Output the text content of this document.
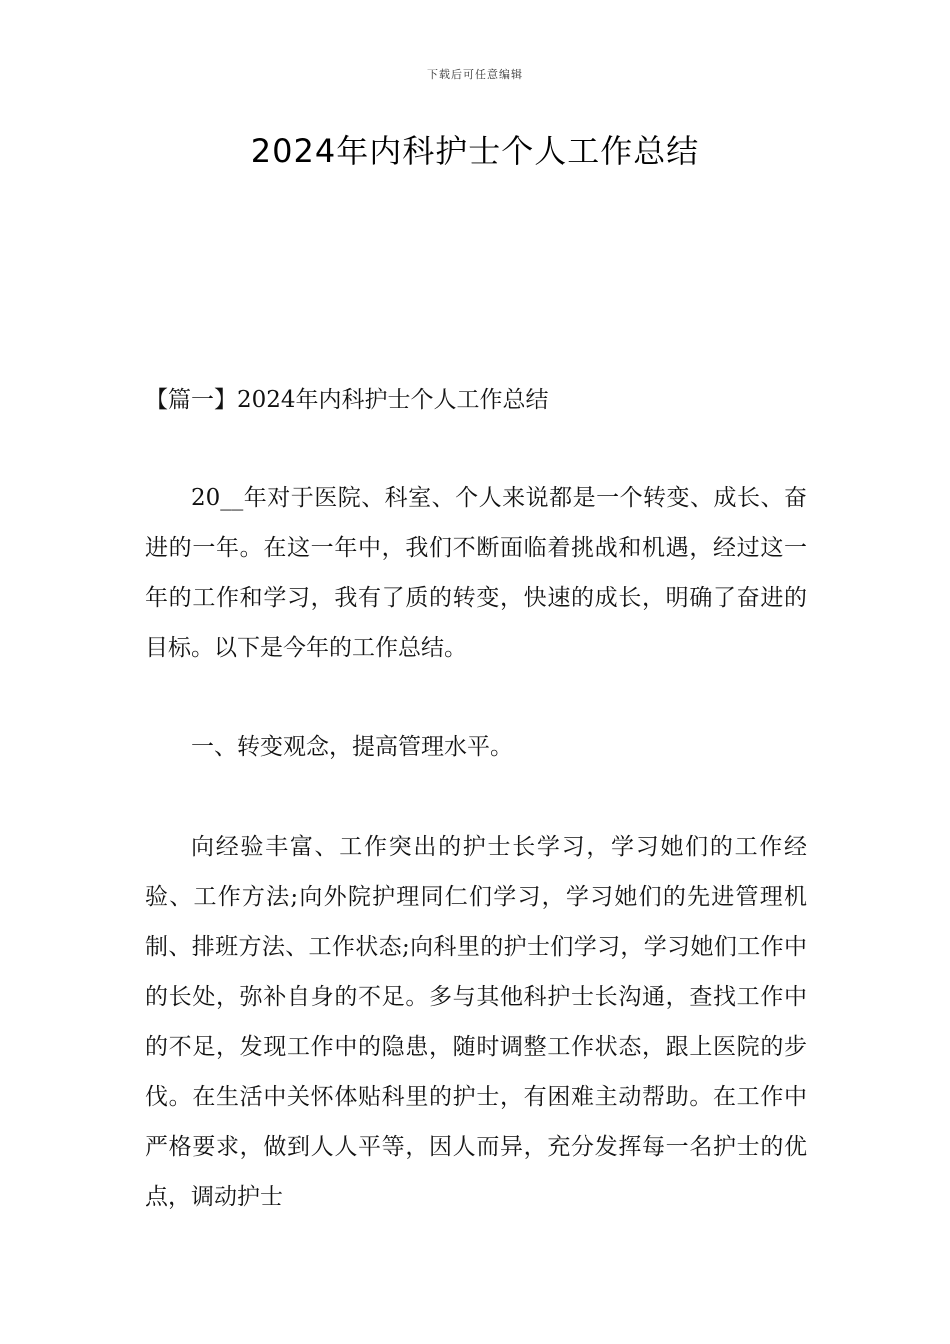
下载后可任意编辑
2024年内科护士个人工作总结
【篇一】2024年内科护士个人工作总结

20__年对于医院、科室、个人来说都是一个转变、成长、奋进的一年。在这一年中，我们不断面临着挑战和机遇，经过这一年的工作和学习，我有了质的转变，快速的成长，明确了奋进的目标。以下是今年的工作总结。

一、转变观念，提高管理水平。

向经验丰富、工作突出的护士长学习，学习她们的工作经验、工作方法;向外院护理同仁们学习，学习她们的先进管理机制、排班方法、工作状态;向科里的护士们学习，学习她们工作中的长处，弥补自身的不足。多与其他科护士长沟通，查找工作中的不足，发现工作中的隐患，随时调整工作状态，跟上医院的步伐。在生活中关怀体贴科里的护士，有困难主动帮助。在工作中严格要求，做到人人平等，因人而异，充分发挥每一名护士的优点，调动护士
